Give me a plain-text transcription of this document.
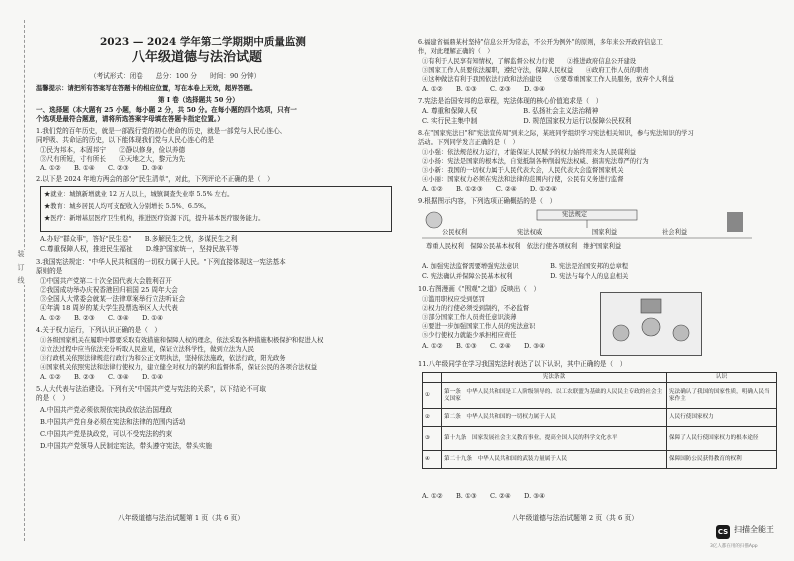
装 订 线
2023 — 2024 学年第二学期期中质量监测
八年级道德与法治试题
（考试形式：闭卷　　总分：100 分　　时间：90 分钟）
温馨提示：请把所有答案写在答题卡的相应位置，写在本卷上无效，超界答题。
第 I 卷（选择题共 50 分）
一、选择题（本大题有 25 小题，每小题 2 分，共 50 分。在每小题的四个选项，只有一
个选项是最符合题意，请将所选答案字母填在答题卡指定位置。）
1.我们党的百年历史，就是一部践行党的初心使命的历史，就是一部党与人民心连心、
同呼吸、共命运的历史，以下能体现我们党与人民心连心的是
①民为邦本，本固邦宁　　②静以修身，俭以养德
③尺有所短，寸有所长　　④天地之大，黎元为先
A. ①②　　B. ①④　　C. ②③　　D. ③④
2.以下是 2024 年地方两会的部分"民生清单"，对此，下列评论不正确的是（　）
★就业：城镇新增就业 12 万人以上，城镇调查失业率 5.5% 左右。
★教育：城乡居民人均可支配收入分别增长 5.5%、6.5%。
★医疗：新增基层医疗卫生机构，推进医疗资源下沉，提升基本医疗服务能力。
A.办好"群众事"，答好"民生卷"　　B.多解民生之忧，多谋民生之利
C.尊重保障人权，推进民生福祉　　D.维护国家统一，坚持民族平等
3.我国宪法规定："中华人民共和国的一切权力属于人民。"下列直接体现这一宪法基本
原则的是
①中国共产党第二十次全国代表大会胜利召开
②我国成功举办庆祝香港回归祖国 25 周年大会
③全国人大常委会就某一法律草案举行立法听证会
④年满 18 周岁的某大学生投票选举区人大代表
A. ①②　　B. ②③　　C. ③④　　D. ①④
4.关于权力运行，下列认识正确的是（　）
①各级国家机关在履职中都要采取有效措施和保障人权的理念，依法采取各种措施积极保护和促进人权
②立法过程中应当依法充分听取人民意见，保证立法科学性，做到立法为人民
③行政机关依照法律规范行政行为和公正文明执法，坚持依法施政，依法行政，阳光政务
④国家机关依照宪法和法律行使权力，建立健全对权力的制约和监督体系，保证公民的各项合法权益
A. ①②　　B. ②③　　C. ③④　　D. ①④
5.人大代表与法治建设。下列有关"中国共产党与宪法的关系"，以下结论不可取
的是（　）
A.中国共产党必须依规依宪执政依法治国理政
B.中国共产党自身必须在宪法和法律的范围内活动
C.中国共产党是执政党，可以不受宪法的约束
D.中国共产党领导人民制定宪法，带头遵守宪法，带头实施
八年级道德与法治试题第 1 页（共 6 页）
6.福建省福鼎某村坚持"信息公开为常态，不公开为例外"的原则，多年来公开政府信息工
作，对此理解正确的（　）
①有利于人民享有知情权，了解监督公权力行使　　②推进政府信息公开建设
③国家工作人员要依法履职，遵纪守法，保障人民权益　　④政府工作人员的职责
④这种做法有利于我国依法行政和法治建设　　⑤要尊重国家工作人员服务，放弃个人利益
A. ①②　　B. ①③　　C. ②③　　D. ③④
7.宪法是治国安邦的总章程，宪法体现的核心价值追求是（　）
A. 尊重和保障人权　　　　　　　B. 弘扬社会主义法治精神
C. 实行民主集中制　　　　　　　D. 规范国家权力运行以保障公民权利
8.在"国家宪法日"和"宪法宣传周"到来之际，某班同学组织学习宪法相关知识，参与宪法知识的学习
活动。下列同学发言正确的是（　）
①小强：依法规范权力运行，才能保证人民赋予的权力始终用来为人民谋利益
②小扬：宪法是国家的根本法，自觉抵制各种削弱宪法权威、损害宪法尊严的行为
③小新：我国的一切权力属于人民代表大会，人民代表大会监督国家机关
④小丽：国家权力必须在宪法和法律的范围内行使，公民有义务进行监督
A. ①②　　B. ①②③　　C. ②④　　D. ①②④
9.根据图示内容，下列选项正确概括的是（　）
宪法规定
公民权利	宪法权威	国家利益	社会利益
尊重人民权利　保障公民基本权利　依法行使各项权利　维护国家利益
A. 加强宪法监督需要增强宪法意识　　　　　B. 宪法是治国安邦的总章程
C. 宪法确认并保障公民基本权利　　　　　　D. 宪法与每个人的息息相关
10.右图漫画《"围观"之道》反映出（　）
①滥用职权应受到惩罚
②权力的行使必须受到制约，不必监督
③部分国家工作人员责任意识淡薄
④要进一步加强国家工作人员的宪法意识
⑤少行使权力就能少承担相应责任
A. ①②　　B. ①③　　C. ②④　　D. ③④
11.八年级同学在学习我国宪法时表达了以下认识，其中正确的是（　）
	宪法条款	认识
①	第一条　中华人民共和国是工人阶级领导的、以工农联盟为基础的人民民主专政的社会主义国家	宪法确认了我国的国家性质，明确人民当家作主
②	第二条　中华人民共和国的一切权力属于人民	人民行使国家权力
③	第十九条　国家发展社会主义教育事业，提高全国人民的科学文化水平	保障了人民行使国家权力的根本途径
④	第二十九条　中华人民共和国的武装力量属于人民	保障国防公民获得教育的权利
A. ①②　　B. ①③　　C. ②④　　D. ③④
八年级道德与法治试题第 2 页（共 6 页）
CS 扫描全能王
3亿人都在用的扫描App
